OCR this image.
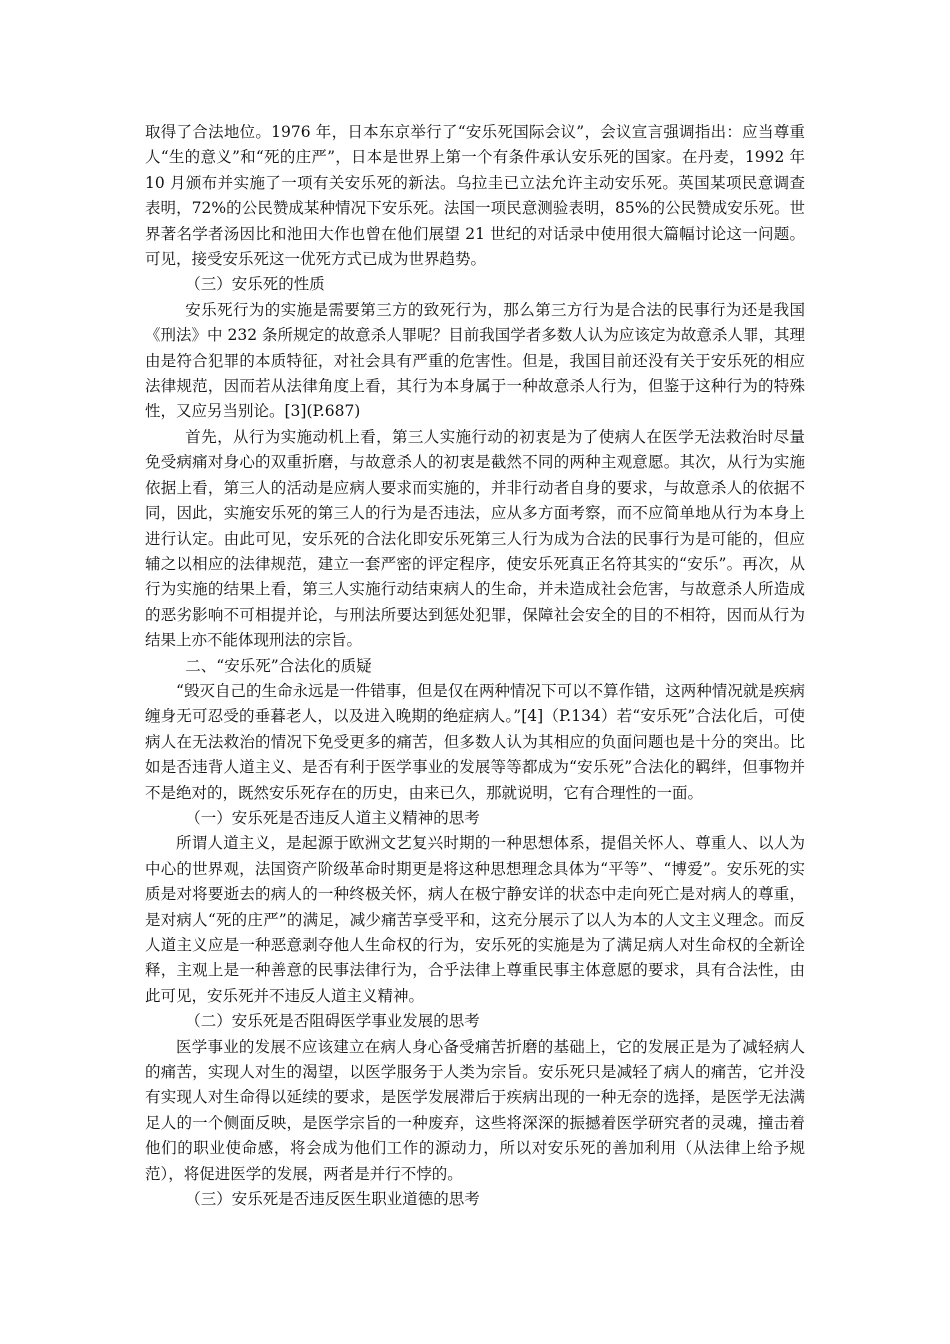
取得了合法地位。1976 年，日本东京举行了“安乐死国际会议”，会议宣言强调指出：应当尊重人“生的意义”和“死的庄严”，日本是世界上第一个有条件承认安乐死的国家。在丹麦，1992 年 10 月颁布并实施了一项有关安乐死的新法。乌拉圭已立法允许主动安乐死。英国某项民意调查表明，72%的公民赞成某种情况下安乐死。法国一项民意测验表明，85%的公民赞成安乐死。世界著名学者汤因比和池田大作也曾在他们展望 21 世纪的对话录中使用很大篇幅讨论这一问题。可见，接受安乐死这一优死方式已成为世界趋势。

（三）安乐死的性质

安乐死行为的实施是需要第三方的致死行为，那么第三方行为是合法的民事行为还是我国《刑法》中 232 条所规定的故意杀人罪呢？目前我国学者多数人认为应该定为故意杀人罪，其理由是符合犯罪的本质特征，对社会具有严重的危害性。但是，我国目前还没有关于安乐死的相应法律规范，因而若从法律角度上看，其行为本身属于一种故意杀人行为，但鉴于这种行为的特殊性，又应另当别论。[3](P.687)

首先，从行为实施动机上看，第三人实施行动的初衷是为了使病人在医学无法救治时尽量免受病痛对身心的双重折磨，与故意杀人的初衷是截然不同的两种主观意愿。其次，从行为实施依据上看，第三人的活动是应病人要求而实施的，并非行动者自身的要求，与故意杀人的依据不同，因此，实施安乐死的第三人的行为是否违法，应从多方面考察，而不应简单地从行为本身上进行认定。由此可见，安乐死的合法化即安乐死第三人行为成为合法的民事行为是可能的，但应辅之以相应的法律规范，建立一套严密的评定程序，使安乐死真正名符其实的“安乐”。再次，从行为实施的结果上看，第三人实施行动结束病人的生命，并未造成社会危害，与故意杀人所造成的恶劣影响不可相提并论，与刑法所要达到惩处犯罪，保障社会安全的目的不相符，因而从行为结果上亦不能体现刑法的宗旨。

二、“安乐死”合法化的质疑

“毁灭自己的生命永远是一件错事，但是仅在两种情况下可以不算作错，这两种情况就是疾病缠身无可忍受的垂暮老人，以及进入晚期的绝症病人。”[4]（P.134）若“安乐死”合法化后，可使病人在无法救治的情况下免受更多的痛苦，但多数人认为其相应的负面问题也是十分的突出。比如是否违背人道主义、是否有利于医学事业的发展等等都成为“安乐死”合法化的羁绊，但事物并不是绝对的，既然安乐死存在的历史，由来已久，那就说明，它有合理性的一面。

（一）安乐死是否违反人道主义精神的思考

所谓人道主义，是起源于欧洲文艺复兴时期的一种思想体系，提倡关怀人、尊重人、以人为中心的世界观，法国资产阶级革命时期更是将这种思想理念具体为“平等”、“博爱”。安乐死的实质是对将要逝去的病人的一种终极关怀，病人在极宁静安详的状态中走向死亡是对病人的尊重，是对病人“死的庄严”的满足，减少痛苦享受平和，这充分展示了以人为本的人文主义理念。而反人道主义应是一种恶意剥夺他人生命权的行为，安乐死的实施是为了满足病人对生命权的全新诠释，主观上是一种善意的民事法律行为，合乎法律上尊重民事主体意愿的要求，具有合法性，由此可见，安乐死并不违反人道主义精神。

（二）安乐死是否阻碍医学事业发展的思考

医学事业的发展不应该建立在病人身心备受痛苦折磨的基础上，它的发展正是为了减轻病人的痛苦，实现人对生的渴望，以医学服务于人类为宗旨。安乐死只是减轻了病人的痛苦，它并没有实现人对生命得以延续的要求，是医学发展滞后于疾病出现的一种无奈的选择，是医学无法满足人的一个侧面反映，是医学宗旨的一种废弃，这些将深深的振撼着医学研究者的灵魂，撞击着他们的职业使命感，将会成为他们工作的源动力，所以对安乐死的善加利用（从法律上给予规范），将促进医学的发展，两者是并行不悖的。

（三）安乐死是否违反医生职业道德的思考
